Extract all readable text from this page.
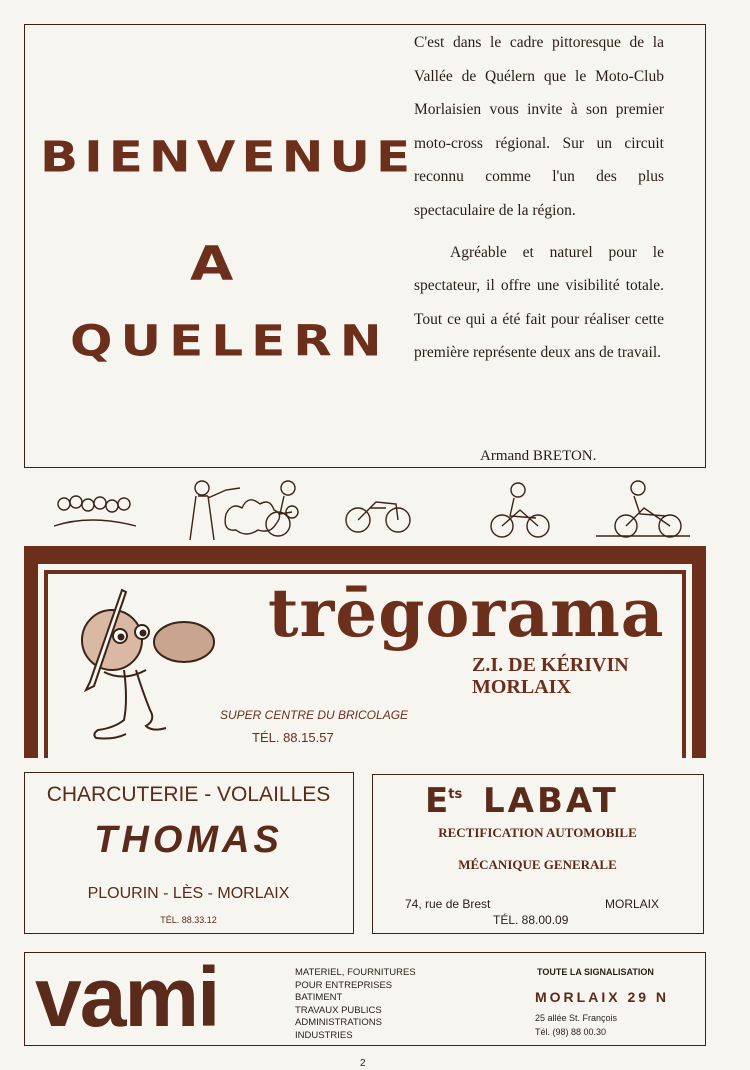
BIENVENUE
A
QUELERN

C'est dans le cadre pittoresque de la Vallée de Quélern que le Moto-Club Morlaisien vous invite à son premier moto-cross régional. Sur un circuit reconnu comme l'un des plus spectaculaire de la région.

Agréable et naturel pour le spectateur, il offre une visibilité totale. Tout ce qui a été fait pour réaliser cette première représente deux ans de travail.

Armand BRETON.
trēgorama
Z.I. DE KÉRIVIN
MORLAIX
SUPER CENTRE DU BRICOLAGE
TÉL. 88.15.57
CHARCUTERIE - VOLAILLES
THOMAS
PLOURIN - LÈS - MORLAIX
TÉL. 88.33.12
$E^{ts}$ LABAT
RECTIFICATION AUTOMOBILE
MÉCANIQUE GENERALE
74, rue de Brest	MORLAIX
TÉL. 88.00.09
vami	MATERIEL, FOURNITURES
POUR ENTREPRISES
BATIMENT
TRAVAUX PUBLICS
ADMINISTRATIONS
INDUSTRIES
TOUTE LA SIGNALISATION
MORLAIX 29 N
25 allée St. François
Tél. (98) 88 00.30
2
